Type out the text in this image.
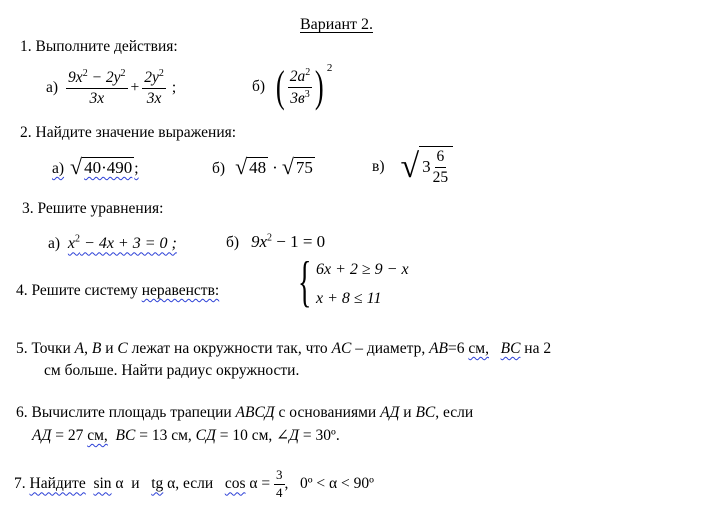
Вариант 2.
1. Выполните действия:
$а) \frac{9x^2 - 2y^2}{3x} + \frac{2y^2}{3x}$ ;	б) ( $\frac{2a^2}{3в^3}$ ) $^2$
2. Найдите значение выражения:
а) √ 40·490 ;	б) √ 48 · √ 75	в) √ $3 \frac{6}{25}$
3. Решите уравнения:
а) $x^2 - 4x + 3 = 0$ ;	б) $9x^2 - 1 = 0$
4. Решите систему неравенств: { 6x + 2 ≥ 9 − x
x + 8 ≤ 11
5. Точки A, B и C лежат на окружности так, что AC – диаметр, AB=6 см, BC на 2
см больше. Найти радиус окружности.
6. Вычислите площадь трапеции ABCД с основаниями AД и BC, если
AД = 27 см, BC = 13 см, CД = 10 см, ∠Д = 30º.
7. Найдите
sin α  и tg α, если $\cos \alpha = \frac{3}{4}$ ,   0º < α < 90º
